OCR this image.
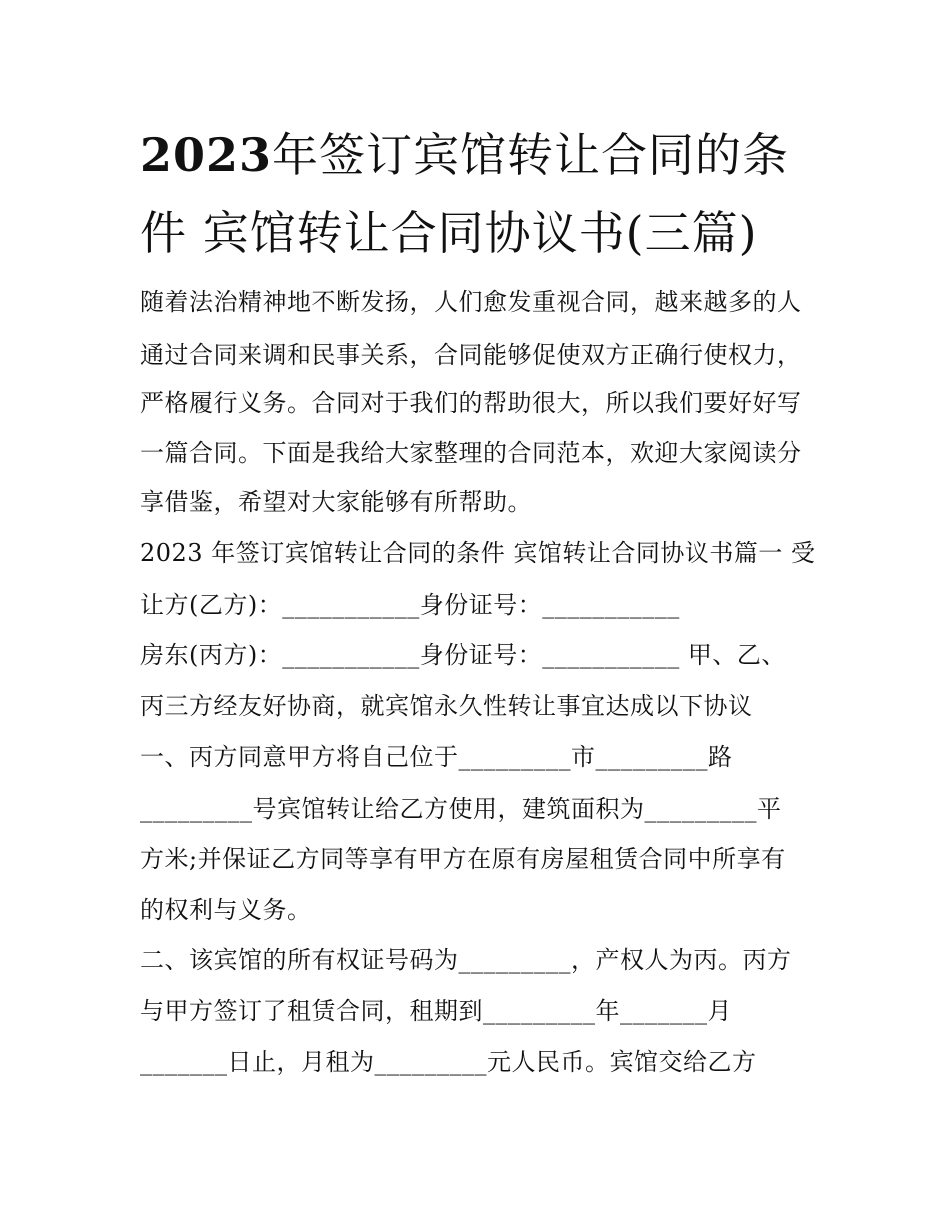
2023年签订宾馆转让合同的条
件 宾馆转让合同协议书(三篇)

随着法治精神地不断发扬，人们愈发重视合同，越来越多的人

通过合同来调和民事关系，合同能够促使双方正确行使权力，

严格履行义务。合同对于我们的帮助很大，所以我们要好好写

一篇合同。下面是我给大家整理的合同范本，欢迎大家阅读分

享借鉴，希望对大家能够有所帮助。

2023 年签订宾馆转让合同的条件 宾馆转让合同协议书篇一 受

让方(乙方)：___________身份证号：___________

房东(丙方)：___________身份证号：___________ 甲、乙、

丙三方经友好协商，就宾馆永久性转让事宜达成以下协议

一、丙方同意甲方将自己位于_________市_________路

_________号宾馆转让给乙方使用，建筑面积为_________平

方米;并保证乙方同等享有甲方在原有房屋租赁合同中所享有

的权利与义务。

二、该宾馆的所有权证号码为_________，产权人为丙。丙方

与甲方签订了租赁合同，租期到_________年_______月

_______日止，月租为_________元人民币。宾馆交给乙方
